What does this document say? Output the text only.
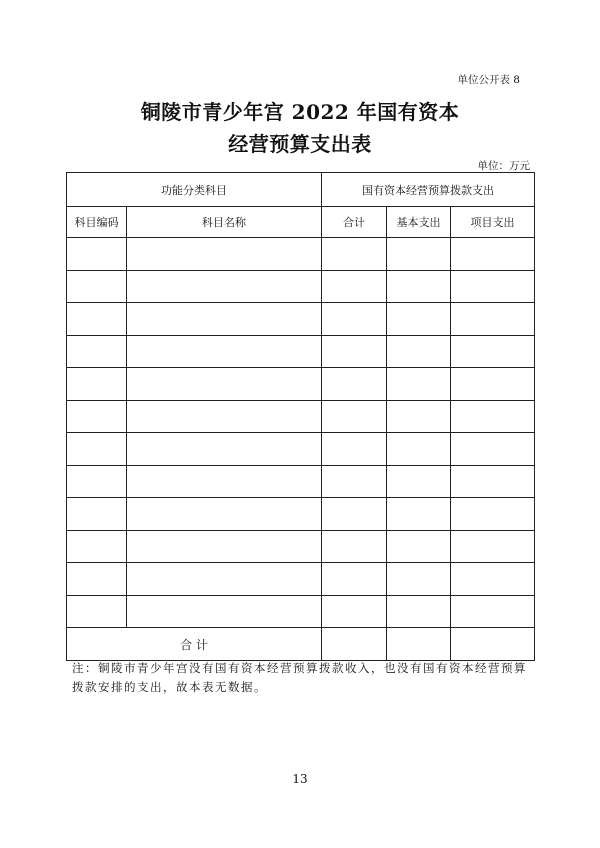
单位公开表 8
铜陵市青少年宫 2022 年国有资本
经营预算支出表
单位：万元
功能分类科目		国有资本经营预算拨款支出		
科目编码	科目名称	合计	基本支出	项目支出

合 计				
注：铜陵市青少年宫没有国有资本经营预算拨款收入，也没有国有资本经营预算拨款安排的支出，故本表无数据。
13
